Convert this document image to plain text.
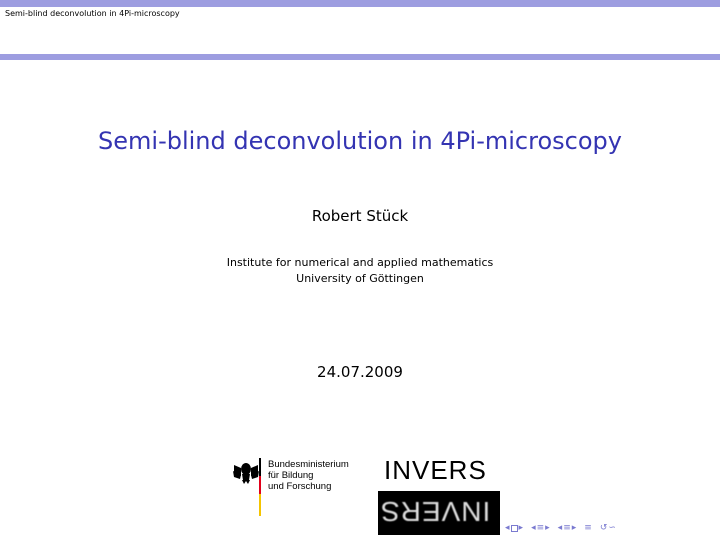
Semi-blind deconvolution in 4Pi-microscopy
Semi-blind deconvolution in 4Pi-microscopy
Robert Stück
Institute for numerical and applied mathematics
University of Göttingen
24.07.2009
Bundesministerium
für Bildung
und Forschung
INVERS
INVERS
◂ ▸ ◂ ≡ ▸ ◂ ≡ ▸ ≡ ↺ ∽
